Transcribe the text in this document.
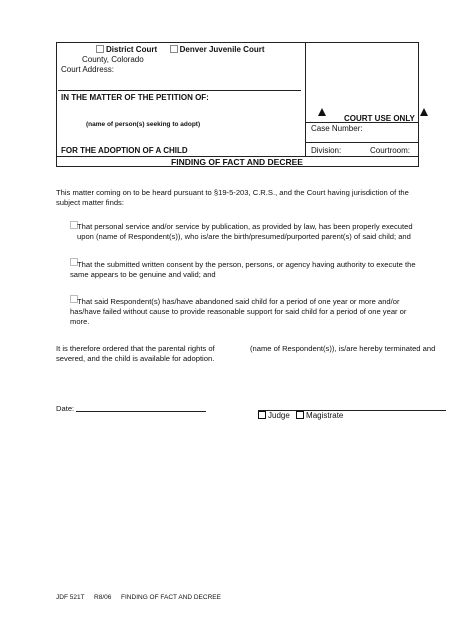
District Court	Denver Juvenile Court
County, Colorado
Court Address:
IN THE MATTER OF THE PETITION OF:
(name of person(s) seeking to adopt)
FOR THE ADOPTION OF A CHILD
COURT USE ONLY
Case Number:
Division:	Courtroom:
FINDING OF FACT AND DECREE

This matter coming on to be heard pursuant to §19-5-203, C.R.S., and the Court having jurisdiction of the subject matter finds:

That personal service and/or service by publication, as provided by law, has been properly executed upon (name of Respondent(s)), who is/are the birth/presumed/purported parent(s) of said child; and

That the submitted written consent by the person, persons, or agency having authority to execute the same appears to be genuine and valid; and

That said Respondent(s) has/have abandoned said child for a period of one year or more and/or has/have failed without cause to provide reasonable support for said child for a period of one year or more.

It is therefore ordered that the parental rights of severed, and the child is available for adoption.

(name of Respondent(s)), is/are hereby terminated and
Date:
Judge Magistrate
JDF 521T R8/06 FINDING OF FACT AND DECREE
